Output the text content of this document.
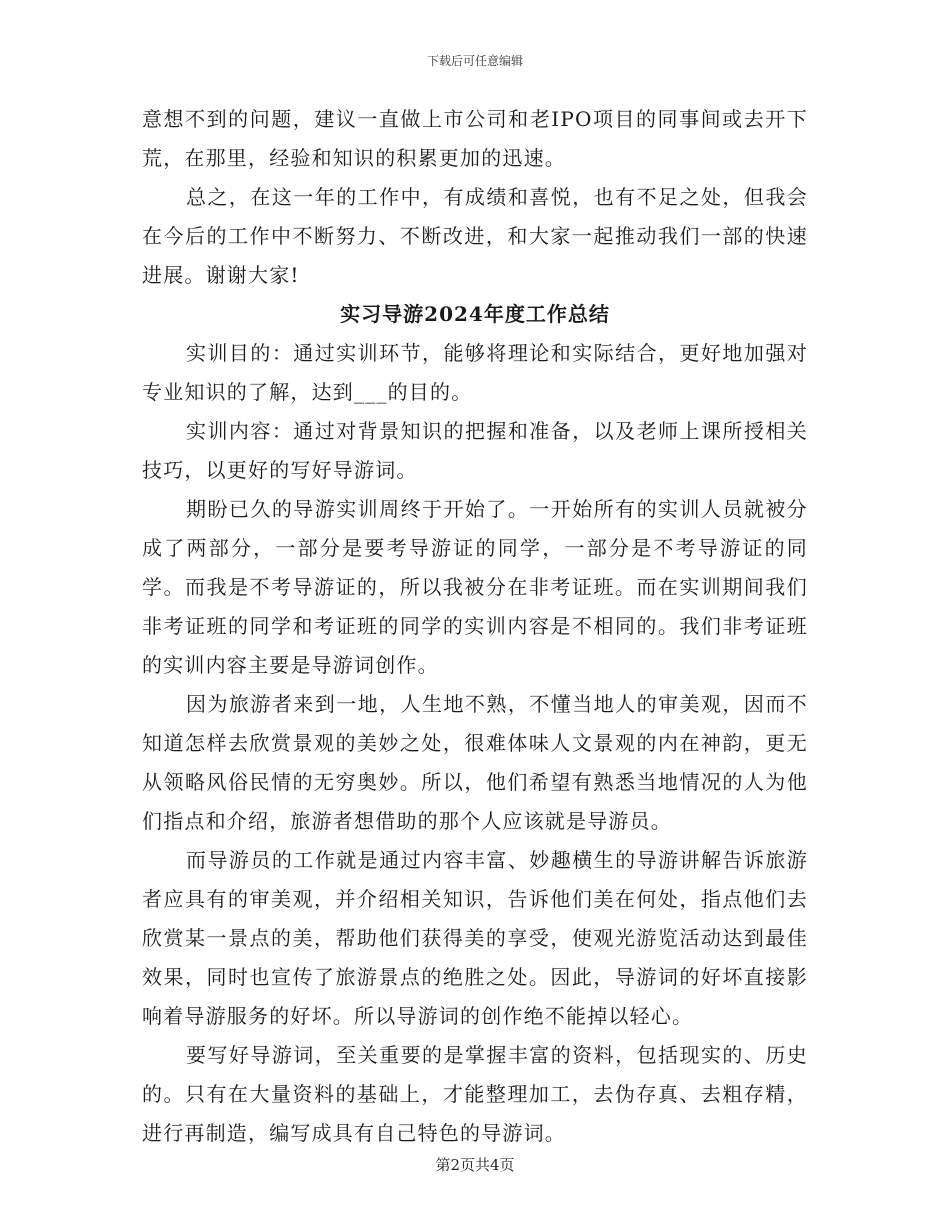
下载后可任意编辑

意想不到的问题，建议一直做上市公司和老IPO项目的同事间或去开下荒，在那里，经验和知识的积累更加的迅速。

总之，在这一年的工作中，有成绩和喜悦，也有不足之处，但我会在今后的工作中不断努力、不断改进，和大家一起推动我们一部的快速进展。谢谢大家!

实习导游2024年度工作总结

实训目的：通过实训环节，能够将理论和实际结合，更好地加强对专业知识的了解，达到___的目的。

实训内容：通过对背景知识的把握和准备，以及老师上课所授相关技巧，以更好的写好导游词。

期盼已久的导游实训周终于开始了。一开始所有的实训人员就被分成了两部分，一部分是要考导游证的同学，一部分是不考导游证的同学。而我是不考导游证的，所以我被分在非考证班。而在实训期间我们非考证班的同学和考证班的同学的实训内容是不相同的。我们非考证班的实训内容主要是导游词创作。

因为旅游者来到一地，人生地不熟，不懂当地人的审美观，因而不知道怎样去欣赏景观的美妙之处，很难体味人文景观的内在神韵，更无从领略风俗民情的无穷奥妙。所以，他们希望有熟悉当地情况的人为他们指点和介绍，旅游者想借助的那个人应该就是导游员。

而导游员的工作就是通过内容丰富、妙趣横生的导游讲解告诉旅游者应具有的审美观，并介绍相关知识，告诉他们美在何处，指点他们去欣赏某一景点的美，帮助他们获得美的享受，使观光游览活动达到最佳效果，同时也宣传了旅游景点的绝胜之处。因此，导游词的好坏直接影响着导游服务的好坏。所以导游词的创作绝不能掉以轻心。

要写好导游词，至关重要的是掌握丰富的资料，包括现实的、历史的。只有在大量资料的基础上，才能整理加工，去伪存真、去粗存精，进行再制造，编写成具有自己特色的导游词。

第2页共4页
